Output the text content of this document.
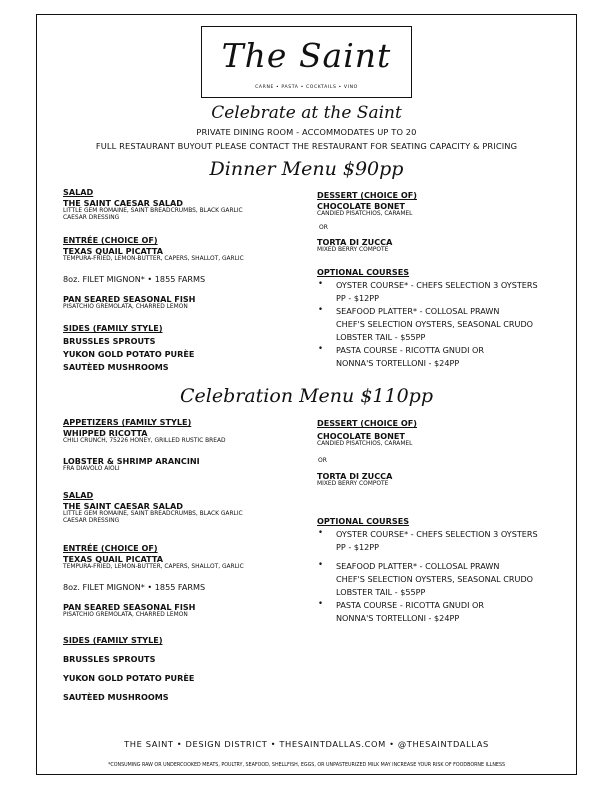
The Saint
CARNE • PASTA • COCKTAILS • VINO
Celebrate at the Saint
PRIVATE DINING ROOM - ACCOMMODATES UP TO 20
FULL RESTAURANT BUYOUT PLEASE CONTACT THE RESTAURANT FOR SEATING CAPACITY & PRICING
Dinner Menu $90pp
SALAD
THE SAINT CAESAR SALAD
LITTLE GEM ROMAINE, SAINT BREADCRUMBS, BLACK GARLIC
CAESAR DRESSING
ENTRÉE (CHOICE OF)
TEXAS QUAIL PICATTA
TEMPURA-FRIED, LEMON-BUTTER, CAPERS, SHALLOT, GARLIC
8oz. FILET MIGNON* • 1855 FARMS
PAN SEARED SEASONAL FISH
PISATCHIO GREMOLATA, CHARRED LEMON
SIDES (FAMILY STYLE)
BRUSSLES SPROUTS
YUKON GOLD POTATO PURÈE
SAUTÈED MUSHROOMS
DESSERT (CHOICE OF)
CHOCOLATE BONET
CANDIED PISATCHIOS, CARAMEL
OR
TORTA DI ZUCCA
MIXED BERRY COMPOTE
OPTIONAL COURSES
• OYSTER COURSE* - CHEFS SELECTION 3 OYSTERS
PP - $12PP
• SEAFOOD PLATTER* - COLLOSAL PRAWN
CHEF'S SELECTION OYSTERS, SEASONAL CRUDO
LOBSTER TAIL - $55PP
• PASTA COURSE - RICOTTA GNUDI OR
NONNA'S TORTELLONI - $24PP
Celebration Menu $110pp
APPETIZERS (FAMILY STYLE)
WHIPPED RICOTTA
CHILI CRUNCH, 75226 HONEY, GRILLED RUSTIC BREAD
LOBSTER & SHRIMP ARANCINI
FRA DIAVOLO AIOLI
SALAD
THE SAINT CAESAR SALAD
LITTLE GEM ROMAINE, SAINT BREADCRUMBS, BLACK GARLIC
CAESAR DRESSING
ENTRÉE (CHOICE OF)
TEXAS QUAIL PICATTA
TEMPURA-FRIED, LEMON-BUTTER, CAPERS, SHALLOT, GARLIC
8oz. FILET MIGNON* • 1855 FARMS
PAN SEARED SEASONAL FISH
PISATCHIO GREMOLATA, CHARRED LEMON
SIDES (FAMILY STYLE)
BRUSSLES SPROUTS
YUKON GOLD POTATO PURÈE
SAUTÈED MUSHROOMS
DESSERT (CHOICE OF)
CHOCOLATE BONET
CANDIED PISATCHIOS, CARAMEL
OR
TORTA DI ZUCCA
MIXED BERRY COMPOTE
OPTIONAL COURSES
• OYSTER COURSE* - CHEFS SELECTION 3 OYSTERS
PP - $12PP
• SEAFOOD PLATTER* - COLLOSAL PRAWN
CHEF'S SELECTION OYSTERS, SEASONAL CRUDO
LOBSTER TAIL - $55PP
• PASTA COURSE - RICOTTA GNUDI OR
NONNA'S TORTELLONI - $24PP
THE SAINT • DESIGN DISTRICT • THESAINTDALLAS.COM • @THESAINTDALLAS
*CONSUMING RAW OR UNDERCOOKED MEATS, POULTRY, SEAFOOD, SHELLFISH, EGGS, OR UNPASTEURIZED MILK MAY INCREASE YOUR RISK OF FOODBORNE ILLNESS
